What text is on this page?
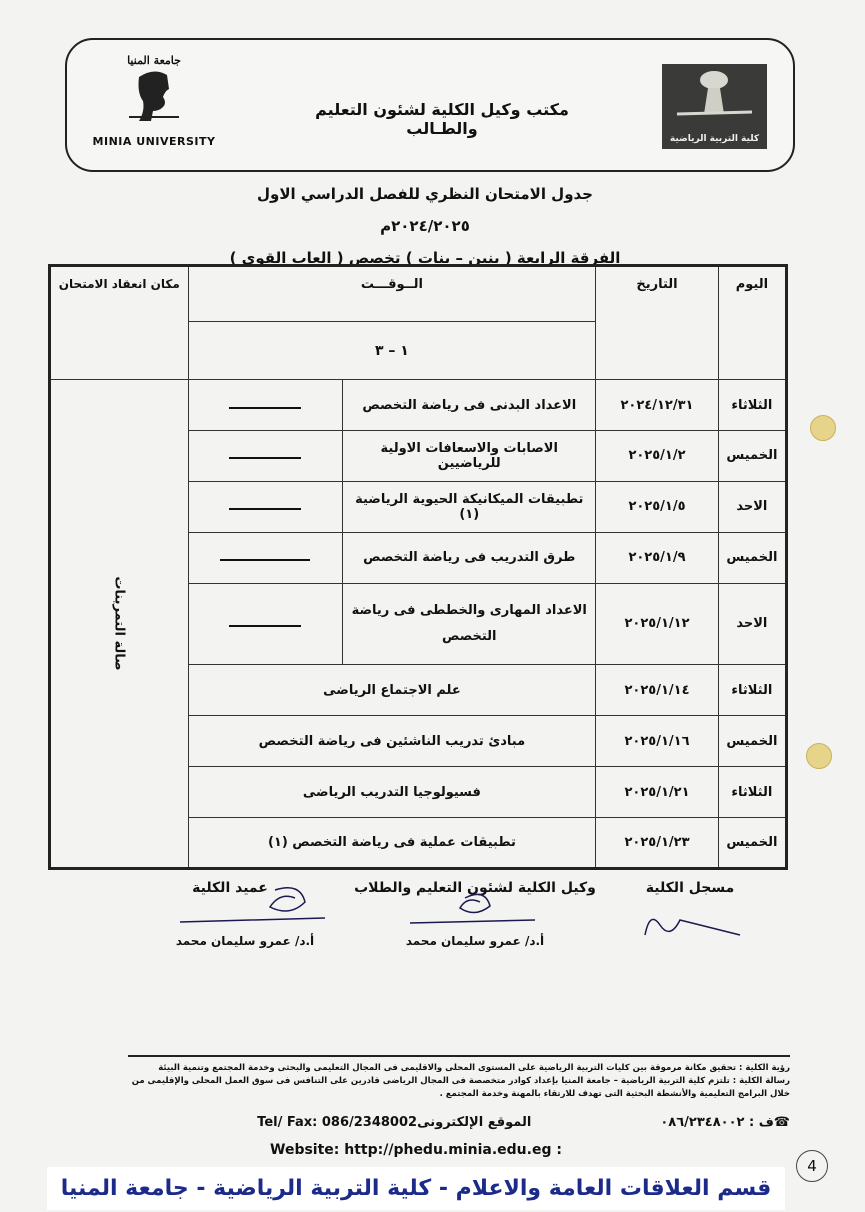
جامعة المنيا
MINIA UNIVERSITY
مكتب وكيل الكلية لشئون التعليم والطـالب
كلية التربية الرياضية
جدول الامتحان النظري للفصل الدراسي الاول ٢٠٢٤/٢٠٢٥م
الفرقة الرابعة ( بنين – بنات ) تخصص ( العاب القوى )
اليوم	التاريخ	الــوقـــت		مكان انعقاد الامتحان
		١ – ٣		
الثلاثاء	٢٠٢٤/١٢/٣١	الاعداد البدنى فى رياضة التخصص		صالة التمرينات
الخميس	٢٠٢٥/١/٢	الاصابات والاسعافات الاولية للرياضيين		
الاحد	٢٠٢٥/١/٥	تطبيقات الميكانيكة الحيوية الرياضية (١)		
الخميس	٢٠٢٥/١/٩	طرق التدريب فى رياضة التخصص		
الاحد	٢٠٢٥/١/١٢	الاعداد المهارى والخططى فى رياضة التخصص		
الثلاثاء	٢٠٢٥/١/١٤	علم الاجتماع الرياضى		
الخميس	٢٠٢٥/١/١٦	مبادئ تدريب الناشئين فى رياضة التخصص		
الثلاثاء	٢٠٢٥/١/٢١	فسيولوجيا التدريب الرياضى		
الخميس	٢٠٢٥/١/٢٣	تطبيقات عملية فى رياضة التخصص (١)		
مسجل الكلية
وكيل الكلية لشئون التعليم والطلاب
أ.د/ عمرو سليمان محمد
عميد الكلية
أ.د/ عمرو سليمان محمد
رؤية الكلية : تحقيق مكانة مرموقة بين كليات التربية الرياضية على المستوى المحلى والاقليمى فى المجال التعليمى والبحثى وخدمة المجتمع وتنمية البيئة
رسالة الكلية : تلتزم كلية التربية الرياضية – جامعة المنيا بإعداد كوادر متخصصة فى المجال الرياضى قادرين على التنافس فى سوق العمل المحلى والإقليمى من خلال البرامج التعليمية والأنشطة البحثية التى تهدف للارتقاء بالمهنة وخدمة المجتمع .
☎ف : ٠٨٦/٢٣٤٨٠٠٢  الموقع الإلكترونىTel/ Fax: 086/2348002
Website: http://phedu.minia.edu.eg :
4
قسم العلاقات العامة والاعلام - كلية التربية الرياضية - جامعة المنيا
